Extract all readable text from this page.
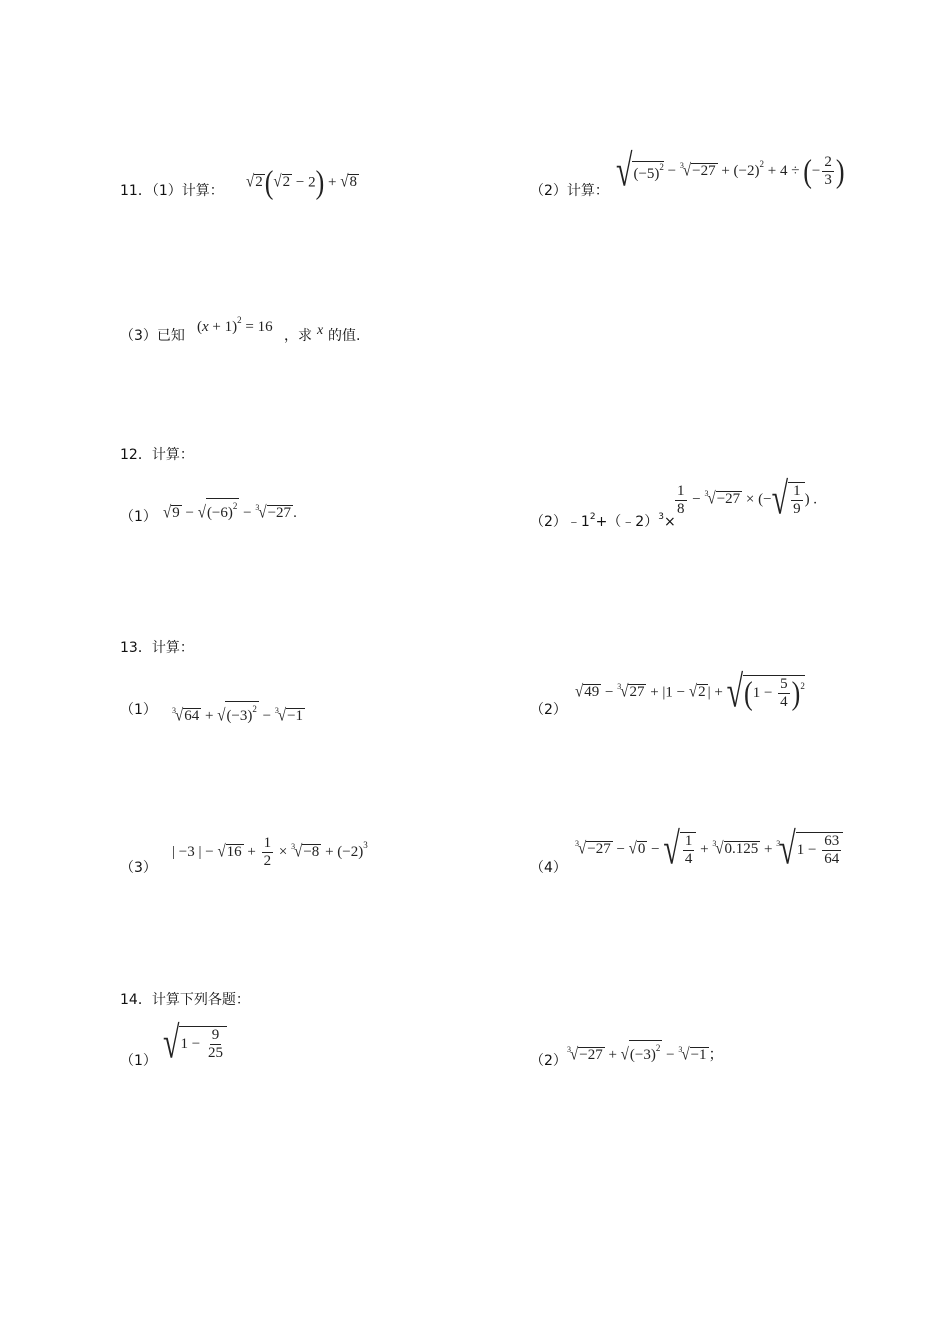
11．（1）计算： √2(√2 − 2) + √8
（2）计算： $√(-5)^2 - ^3√-27 + (-2)^2 + 4$ ÷ (− $\frac{2}{3}$ )
（3）已知
$(x + 1)^2 = 16$
，求 x 的值.
12．计算：
（1） $√9 - √(-6)^2 - ^3√-27$ .
$(2)﹣1^2+(﹣2)^3\times$
$\frac{1}{8} - ^3√-27$ × (−√ $\frac{1}{9}$ ) .
13．计算：
（1） $^3√64 + √(-3)^2 - ^3√-1$	（2）
√49 − $^3$√27 + |1 − √2 | + $√(1 - \frac{5}{4} )^2$
（3）
| −3 | − $√16 + \frac{1}{2} \times ^3√-8 + (-2)^3$
（4）
$^3$√−27 − √0 − √ $\frac{1}{4} + ^3√0.125 + ^3√1 - \frac{63}{64}$
14．计算下列各题：
（1） $√1 - \frac{9}{25}$	（2）
$^3√-27 + √(-3)^2 - ^3√-1$ ；
